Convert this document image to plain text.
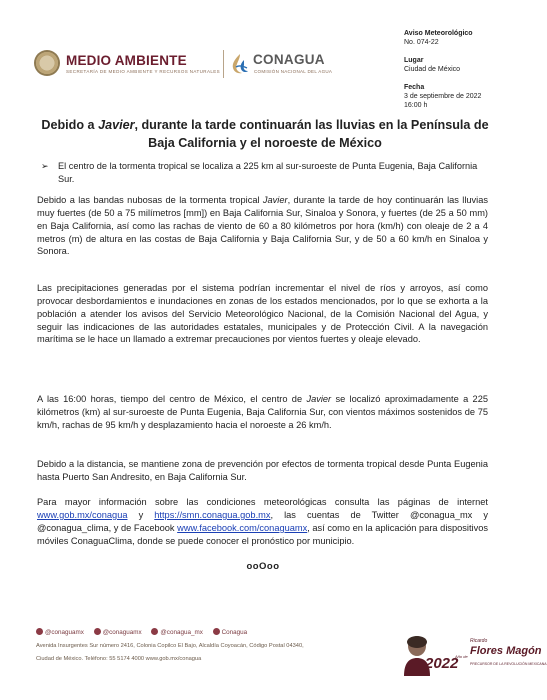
MEDIO AMBIENTE
SECRETARÍA DE MEDIO AMBIENTE Y RECURSOS NATURALES
CONAGUA
COMISIÓN NACIONAL DEL AGUA
Aviso Meteorológico
No. 074-22
Lugar
Ciudad de México
Fecha
3 de septiembre de 2022
16:00 h
Debido a Javier, durante la tarde continuarán las lluvias en la Península de Baja California y el noroeste de México
➢ El centro de la tormenta tropical se localiza a 225 km al sur-suroeste de Punta Eugenia, Baja California Sur.
Debido a las bandas nubosas de la tormenta tropical Javier, durante la tarde de hoy continuarán las lluvias muy fuertes (de 50 a 75 milímetros [mm]) en Baja California Sur, Sinaloa y Sonora, y fuertes (de 25 a 50 mm) en Baja California, así como las rachas de viento de 60 a 80 kilómetros por hora (km/h) con oleaje de 2 a 4 metros (m) de altura en las costas de Baja California y Baja California Sur, y de 50 a 60 km/h en Sinaloa y Sonora.
Las precipitaciones generadas por el sistema podrían incrementar el nivel de ríos y arroyos, así como provocar desbordamientos e inundaciones en zonas de los estados mencionados, por lo que se exhorta a la población a atender los avisos del Servicio Meteorológico Nacional, de la Comisión Nacional del Agua, y seguir las indicaciones de las autoridades estatales, municipales y de Protección Civil. A la navegación marítima se le hace un llamado a extremar precauciones por vientos fuertes y oleaje elevado.
A las 16:00 horas, tiempo del centro de México, el centro de Javier se localizó aproximadamente a 225 kilómetros (km) al sur-suroeste de Punta Eugenia, Baja California Sur, con vientos máximos sostenidos de 75 km/h, rachas de 95 km/h y desplazamiento hacia el noroeste a 26 km/h.
Debido a la distancia, se mantiene zona de prevención por efectos de tormenta tropical desde Punta Eugenia hasta Puerto San Andresito, en Baja California Sur.
Para mayor información sobre las condiciones meteorológicas consulta las páginas de internet www.gob.mx/conagua y https://smn.conagua.gob.mx, las cuentas de Twitter @conagua_mx y @conagua_clima, y de Facebook www.facebook.com/conaguamx, así como en la aplicación para dispositivos móviles ConaguaClima, donde se puede conocer el pronóstico por municipio.
ooOoo
@conaguamx	@conaguamx	@conagua_mx	Conagua
Avenida Insurgentes Sur número 2416, Colonia Copilco El Bajo, Alcaldía Coyoacán, Código Postal 04340,
Ciudad de México. Teléfono: 55 5174 4000 www.gob.mx/conagua	2022
Ricardo
Año de Flores Magón
PRECURSOR DE LA REVOLUCIÓN MEXICANA
